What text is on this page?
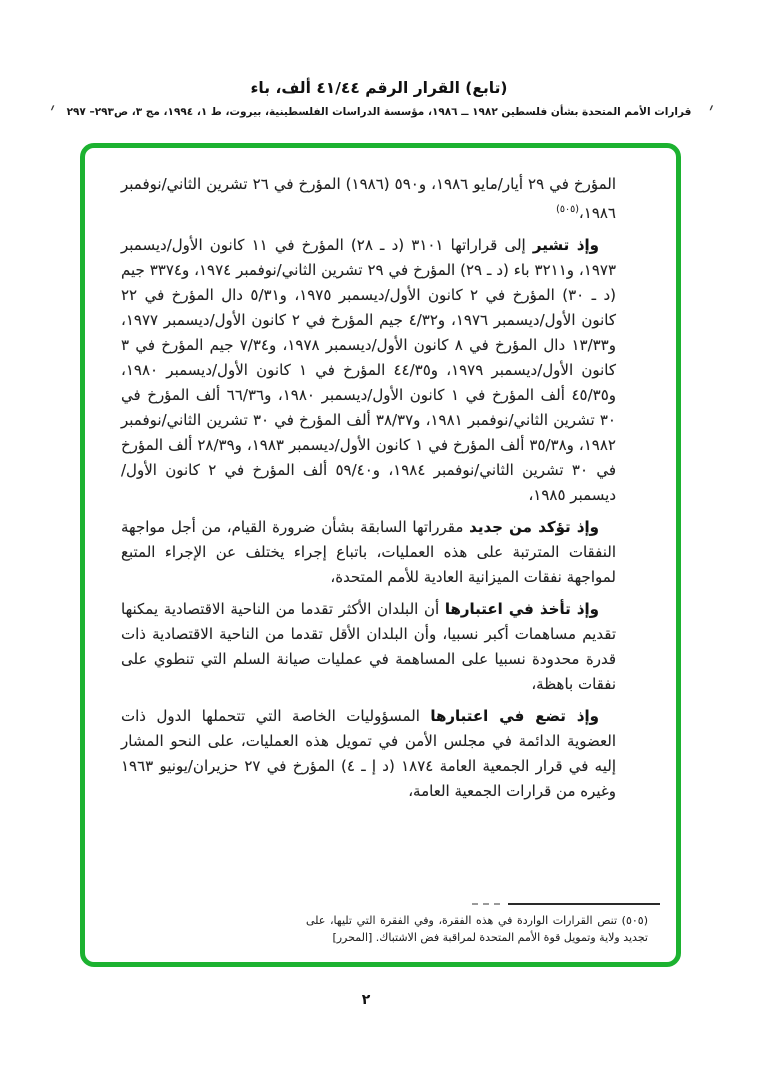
(تابع) القرار الرقم ٤١/٤٤ ألف، باء
قرارات الأمم المتحدة بشأن فلسطين ١٩٨٢ ــ ١٩٨٦، مؤسسة الدراسات الفلسطينية، بيروت، ط ١، ١٩٩٤، مج ٣، ص٢٩٣– ٢٩٧	؍
؍

المؤرخ في ٢٩ أيار/مايو ١٩٨٦، و٥٩٠ (١٩٨٦) المؤرخ في ٢٦ تشرين الثاني/نوفمبر ١٩٨٦،$^{(٥٠٥)}$

وإذ تشير إلى قراراتها ٣١٠١ (د ـ ٢٨) المؤرخ في ١١ كانون الأول/ديسمبر ١٩٧٣، و٣٢١١ باء (د ـ ٢٩) المؤرخ في ٢٩ تشرين الثاني/نوفمبر ١٩٧٤، و٣٣٧٤ جيم (د ـ ٣٠) المؤرخ في ٢ كانون الأول/ديسمبر ١٩٧٥، و٥/٣١ دال المؤرخ في ٢٢ كانون الأول/ديسمبر ١٩٧٦، و٤/٣٢ جيم المؤرخ في ٢ كانون الأول/ديسمبر ١٩٧٧، و١٣/٣٣ دال المؤرخ في ٨ كانون الأول/ديسمبر ١٩٧٨، و٧/٣٤ جيم المؤرخ في ٣ كانون الأول/ديسمبر ١٩٧٩، و٤٤/٣٥ المؤرخ في ١ كانون الأول/ديسمبر ١٩٨٠، و٤٥/٣٥ ألف المؤرخ في ١ كانون الأول/ديسمبر ١٩٨٠، و٦٦/٣٦ ألف المؤرخ في ٣٠ تشرين الثاني/نوفمبر ١٩٨١، و٣٨/٣٧ ألف المؤرخ في ٣٠ تشرين الثاني/نوفمبر ١٩٨٢، و٣٥/٣٨ ألف المؤرخ في ١ كانون الأول/ديسمبر ١٩٨٣، و٢٨/٣٩ ألف المؤرخ في ٣٠ تشرين الثاني/نوفمبر ١٩٨٤، و٥٩/٤٠ ألف المؤرخ في ٢ كانون الأول/ديسمبر ١٩٨٥،

وإذ تؤكد من جديد مقرراتها السابقة بشأن ضرورة القيام، من أجل مواجهة النفقات المترتبة على هذه العمليات، باتباع إجراء يختلف عن الإجراء المتبع لمواجهة نفقات الميزانية العادية للأمم المتحدة،

وإذ تأخذ في اعتبارها أن البلدان الأكثر تقدما من الناحية الاقتصادية يمكنها تقديم مساهمات أكبر نسبيا، وأن البلدان الأقل تقدما من الناحية الاقتصادية ذات قدرة محدودة نسبيا على المساهمة في عمليات صيانة السلم التي تنطوي على نفقات باهظة،

وإذ تضع في اعتبارها المسؤوليات الخاصة التي تتحملها الدول ذات العضوية الدائمة في مجلس الأمن في تمويل هذه العمليات، على النحو المشار إليه في قرار الجمعية العامة ١٨٧٤ (د إ ـ ٤) المؤرخ في ٢٧ حزيران/يونيو ١٩٦٣ وغيره من قرارات الجمعية العامة،

(٥٠٥) تنص القرارات الواردة في هذه الفقرة، وفي الفقرة التي تليها، على تجديد ولاية وتمويل قوة الأمم المتحدة لمراقبة فض الاشتباك. [المحرر]
٢
